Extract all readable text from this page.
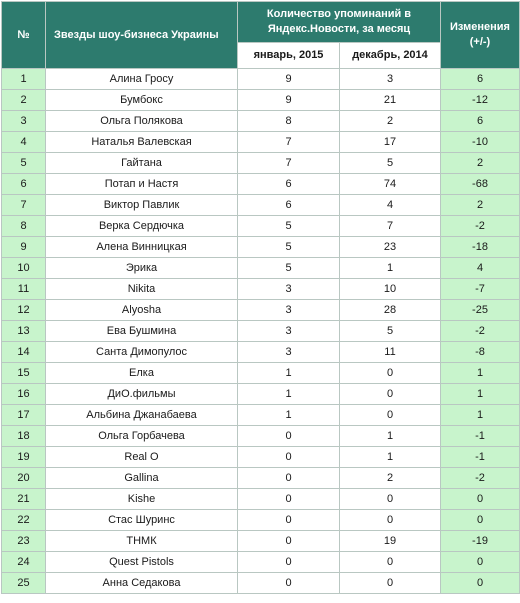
№	Звезды шоу-бизнеса Украины	Количество упоминаний в Яндекс.Новости, за месяц		Изменения (+/-)
		январь, 2015	декабрь, 2014	
1	Алина Гросу	9	3	6
2	Бумбокс	9	21	-12
3	Ольга Полякова	8	2	6
4	Наталья Валевская	7	17	-10
5	Гайтана	7	5	2
6	Потап и Настя	6	74	-68
7	Виктор Павлик	6	4	2
8	Верка Сердючка	5	7	-2
9	Алена Винницкая	5	23	-18
10	Эрика	5	1	4
11	Nikita	3	10	-7
12	Alyosha	3	28	-25
13	Ева Бушмина	3	5	-2
14	Санта Димопулос	3	11	-8
15	Елка	1	0	1
16	ДиО.фильмы	1	0	1
17	Альбина Джанабаева	1	0	1
18	Ольга Горбачева	0	1	-1
19	Real O	0	1	-1
20	Gallina	0	2	-2
21	Kishe	0	0	0
22	Стас Шуринс	0	0	0
23	ТНМК	0	19	-19
24	Quest Pistols	0	0	0
25	Анна Седакова	0	0	0
